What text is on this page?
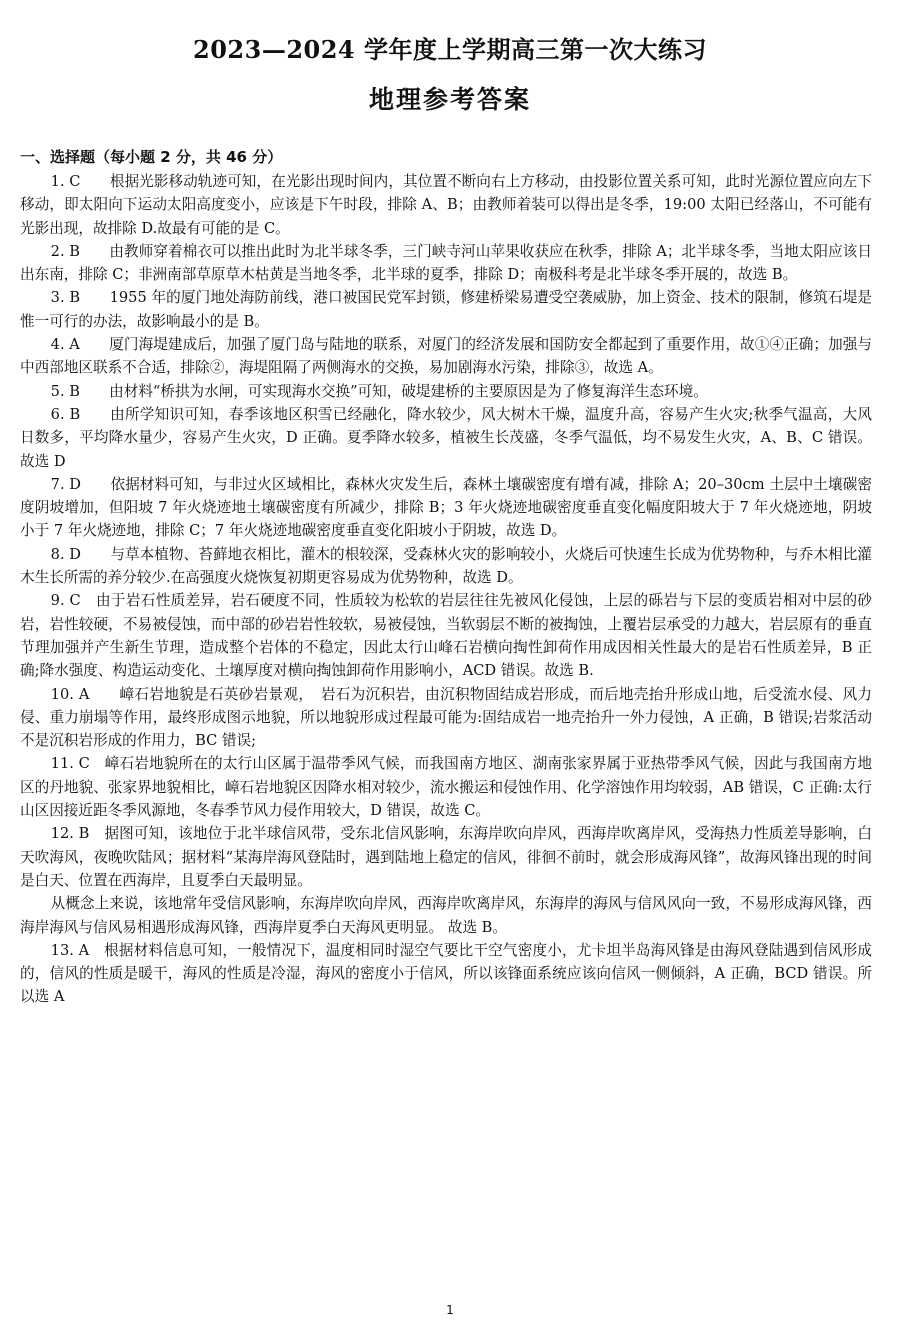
2023—2024 学年度上学期高三第一次大练习
地理参考答案
一、选择题（每小题 2 分，共 46 分）

1. C　　根据光影移动轨迹可知，在光影出现时间内，其位置不断向右上方移动，由投影位置关系可知，此时光源位置应向左下移动，即太阳向下运动太阳高度变小，应该是下午时段，排除 A、B；由教师着装可以得出是冬季，19:00 太阳已经落山，不可能有光影出现，故排除 D.故最有可能的是 C。

2. B　　由教师穿着棉衣可以推出此时为北半球冬季，三门峡寺河山苹果收获应在秋季，排除 A；北半球冬季，当地太阳应该日出东南，排除 C；非洲南部草原草木枯黄是当地冬季，北半球的夏季，排除 D；南极科考是北半球冬季开展的，故选 B。

3. B　　1955 年的厦门地处海防前线，港口被国民党军封锁，修建桥梁易遭受空袭威胁，加上资金、技术的限制，修筑石堤是惟一可行的办法，故影响最小的是 B。

4. A　　厦门海堤建成后，加强了厦门岛与陆地的联系，对厦门的经济发展和国防安全都起到了重要作用，故①④正确；加强与中西部地区联系不合适，排除②，海堤阻隔了两侧海水的交换，易加剧海水污染，排除③，故选 A。

5. B　　由材料“桥拱为水闸，可实现海水交换”可知，破堤建桥的主要原因是为了修复海洋生态环境。

6. B　　由所学知识可知，春季该地区积雪已经融化，降水较少，风大树木干燥，温度升高，容易产生火灾;秋季气温高，大风日数多，平均降水量少，容易产生火灾，D 正确。夏季降水较多，植被生长茂盛，冬季气温低，均不易发生火灾，A、B、C 错误。故选 D

7. D　　依据材料可知，与非过火区域相比，森林火灾发生后，森林土壤碳密度有增有减，排除 A；20–30cm 土层中土壤碳密度阴坡增加，但阳坡 7 年火烧迹地土壤碳密度有所减少，排除 B；3 年火烧迹地碳密度垂直变化幅度阳坡大于 7 年火烧迹地，阴坡小于 7 年火烧迹地，排除 C；7 年火烧迹地碳密度垂直变化阳坡小于阴坡，故选 D。

8. D　　与草本植物、苔藓地衣相比，灌木的根较深，受森林火灾的影响较小，火烧后可快速生长成为优势物种，与乔木相比灌木生长所需的养分较少.在高强度火烧恢复初期更容易成为优势物种，故选 D。

9. C　由于岩石性质差异，岩石硬度不同，性质较为松软的岩层往往先被风化侵蚀，上层的砾岩与下层的变质岩相对中层的砂岩，岩性较硬，不易被侵蚀，而中部的砂岩岩性较软，易被侵蚀，当软弱层不断的被掏蚀，上覆岩层承受的力越大，岩层原有的垂直节理加强并产生新生节理，造成整个岩体的不稳定，因此太行山峰石岩横向掏性卸荷作用成因相关性最大的是岩石性质差异，B 正确;降水强度、构造运动变化、土壤厚度对横向掏蚀卸荷作用影响小，ACD 错误。故选 B.

10. A　　嶂石岩地貌是石英砂岩景观，　岩石为沉积岩，由沉积物固结成岩形成，而后地壳抬升形成山地，后受流水侵、风力侵、重力崩塌等作用，最终形成图示地貌，所以地貌形成过程最可能为:固结成岩一地壳抬升一外力侵蚀，A 正确，B 错误;岩浆活动不是沉积岩形成的作用力，BC 错误;

11. C　嶂石岩地貌所在的太行山区属于温带季风气候，而我国南方地区、湖南张家界属于亚热带季风气候，因此与我国南方地区的丹地貌、张家界地貌相比，嶂石岩地貌区因降水相对较少，流水搬运和侵蚀作用、化学溶蚀作用均较弱，AB 错误，C 正确:太行山区因接近距冬季风源地，冬春季节风力侵作用较大，D 错误，故选 C。

12. B　据图可知，该地位于北半球信风带，受东北信风影响，东海岸吹向岸风，西海岸吹离岸风，受海热力性质差导影响，白天吹海风，夜晚吹陆风；据材料“某海岸海风登陆时，遇到陆地上稳定的信风，徘徊不前时，就会形成海风锋”，故海风锋出现的时间是白天、位置在西海岸，且夏季白天最明显。

从概念上来说，该地常年受信风影响，东海岸吹向岸风，西海岸吹离岸风，东海岸的海风与信风风向一致，不易形成海风锋，西海岸海风与信风易相遇形成海风锋，西海岸夏季白天海风更明显。 故选 B。

13. A　根据材料信息可知，一般情况下，温度相同时湿空气要比干空气密度小，尤卡坦半岛海风锋是由海风登陆遇到信风形成的，信风的性质是暖干，海风的性质是冷湿，海风的密度小于信风，所以该锋面系统应该向信风一侧倾斜，A 正确，BCD 错误。所以选 A

1
